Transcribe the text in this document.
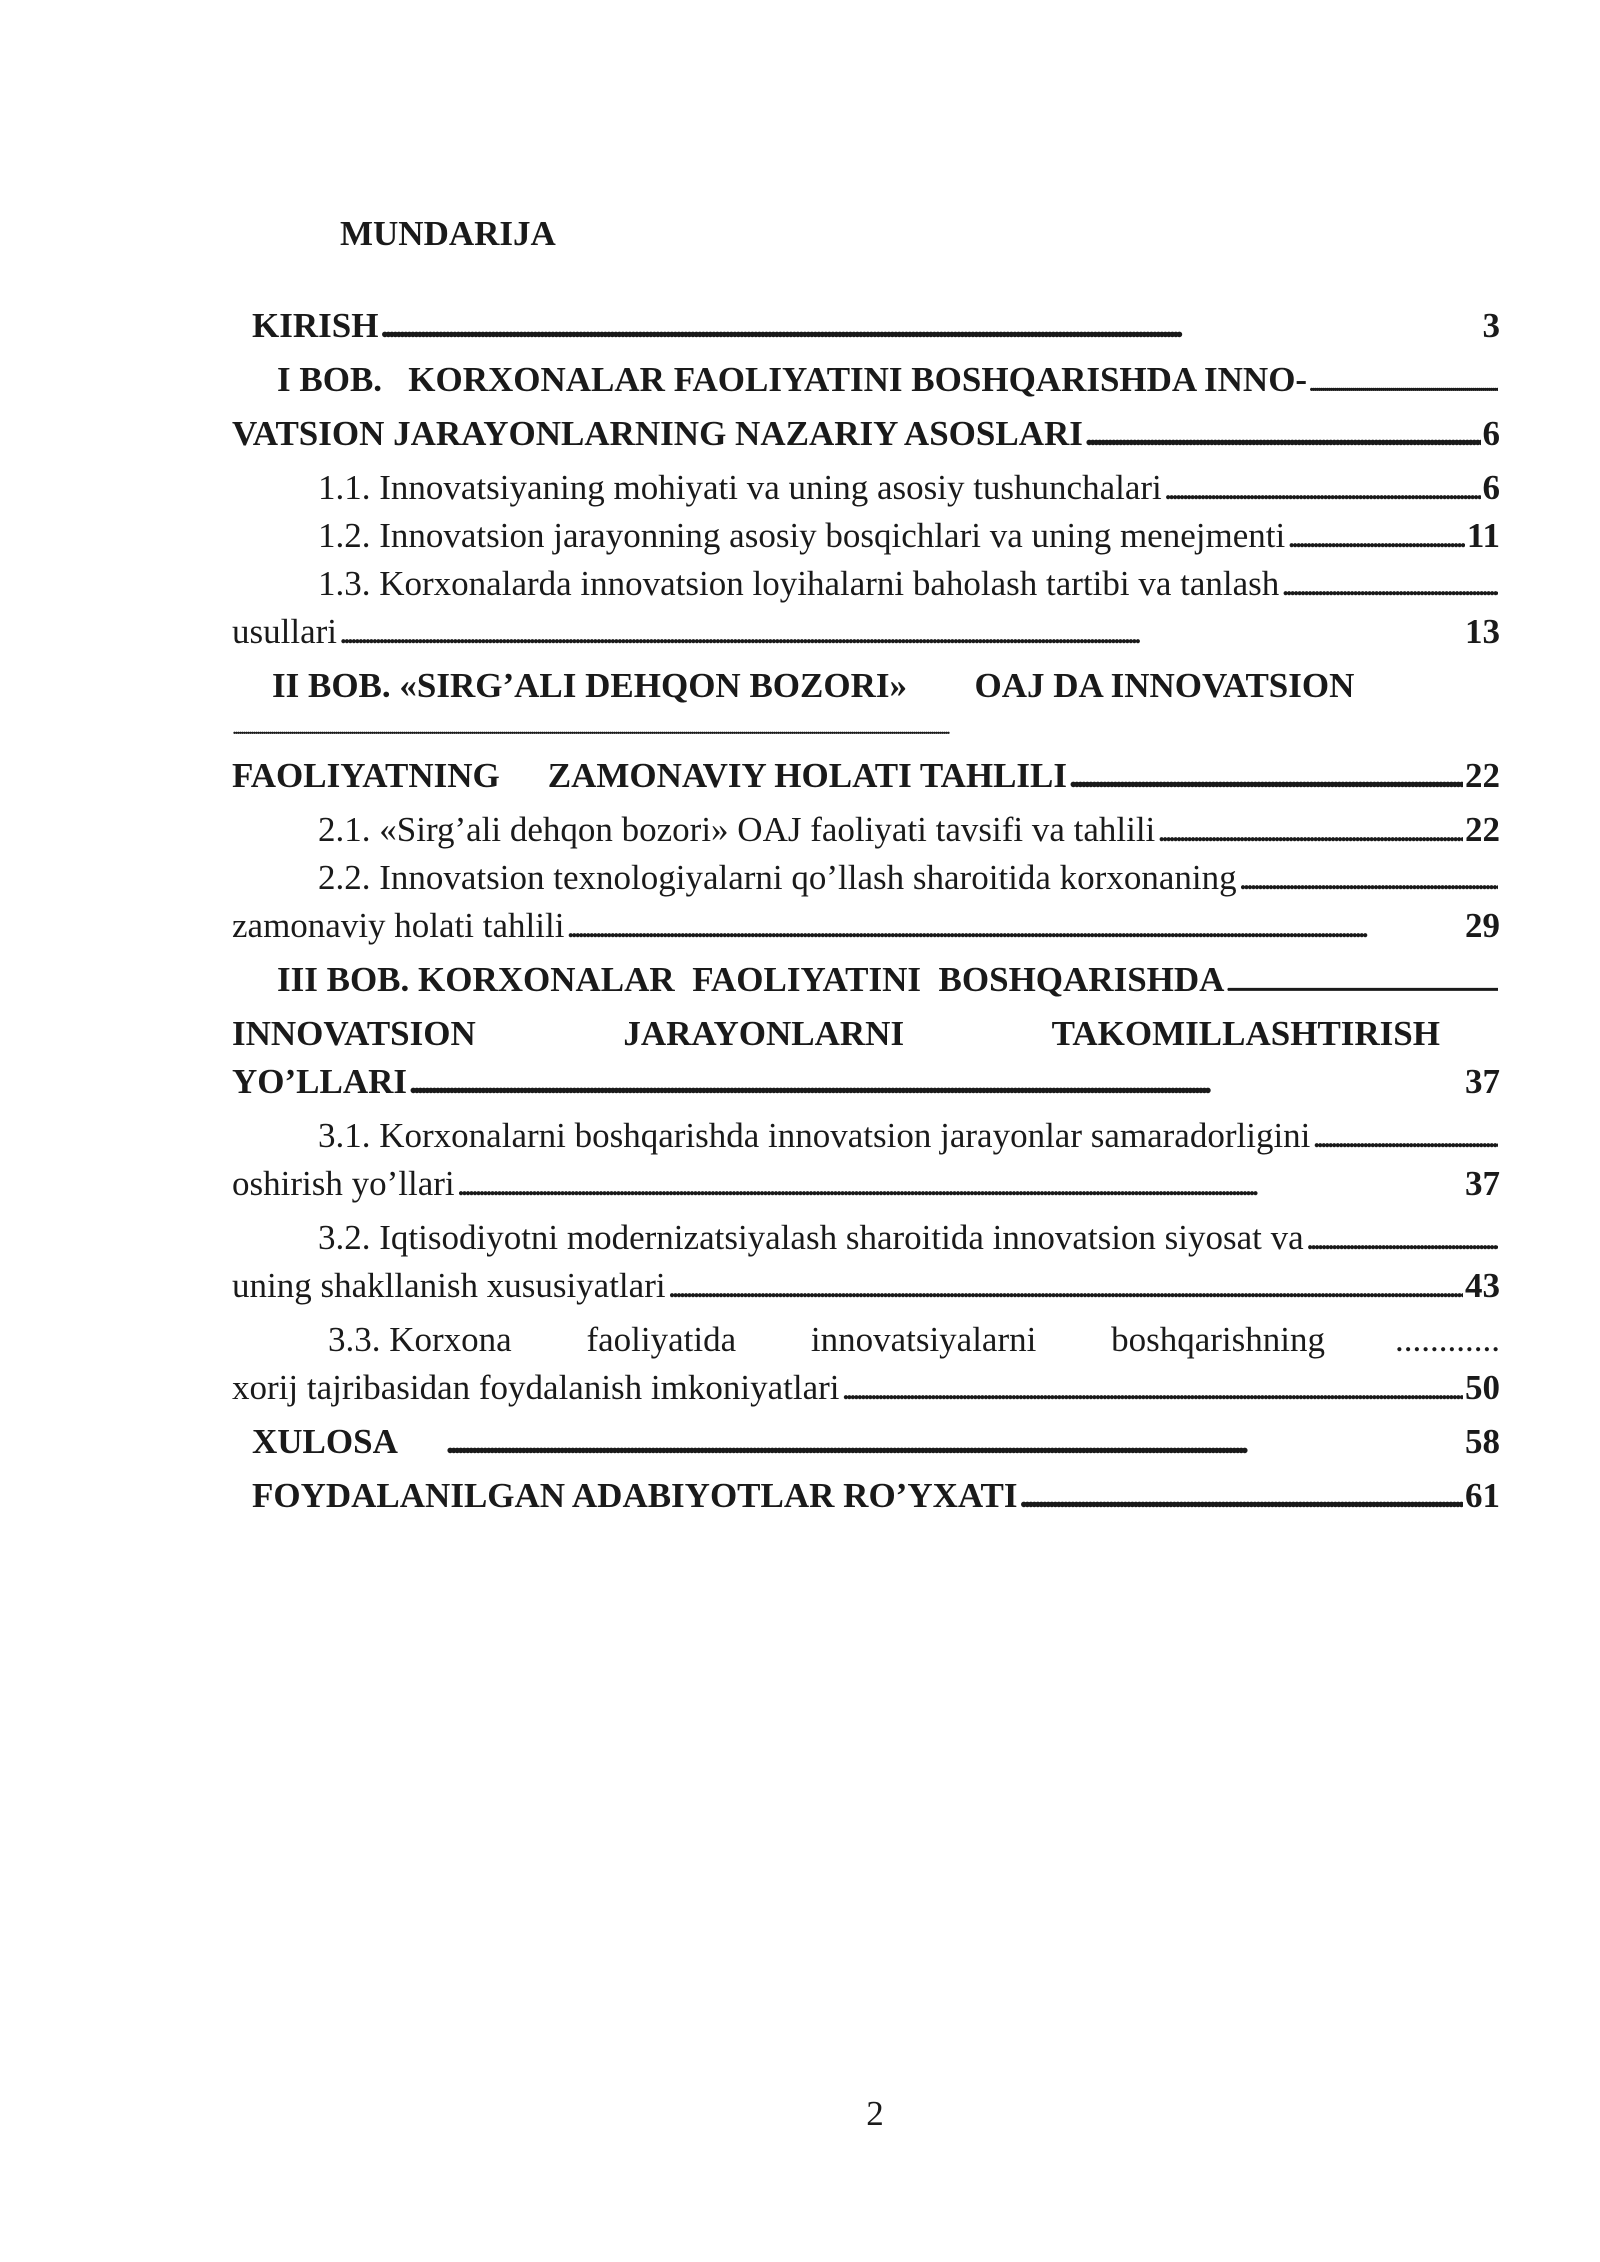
MUNDARIJA
KIRISH . . .	3
I BOB.   KORXONALAR FAOLIYATINI BOSHQARISHDA INNO-
. . .
VATSION JARAYONLARNING NAZARIY ASOSLARI . . .	6
1.1. Innovatsiyaning mohiyati va uning asosiy tushunchalari . . .	6
1.2. Innovatsion jarayonning asosiy bosqichlari va uning menejmenti . . .	11
1.3. Korxonalarda innovatsion loyihalarni baholash tartibi va tanlash
. . .
usullari . . .	13
II BOB. «SIRG’ALI DEHQON BOZORI» OAJ DA INNOVATSION
......................................................................................................................................................................................................................................................................................................................................................................
FAOLIYATNING ZAMONAVIY HOLATI TAHLILI . . .	22
2.1. «Sirg’ali dehqon bozori» OAJ faoliyati tavsifi va tahlili . . .	22
2.2. Innovatsion texnologiyalarni qo’llash sharoitida korxonaning
. . .
zamonaviy holati tahlili . . .	29
III BOB. KORXONALAR  FAOLIYATINI  BOSHQARISHDA
. . .
INNOVATSION	JARAYONLARNI	TAKOMILLASHTIRISH
YO’LLARI . . .	37
3.1. Korxonalarni boshqarishda innovatsion jarayonlar samaradorligini
. . .
oshirish yo’llari . . .	37
3.2. Iqtisodiyotni modernizatsiyalash sharoitida innovatsion siyosat va
. . .
uning shakllanish xususiyatlari . . .	43
3.3. Korxona faoliyatida innovatsiyalarni boshqarishning ............
xorij tajribasidan foydalanish imkoniyatlari . . .	50
XULOSA . . .	58
FOYDALANILGAN ADABIYOTLAR RO’YXATI . . .	61
2
